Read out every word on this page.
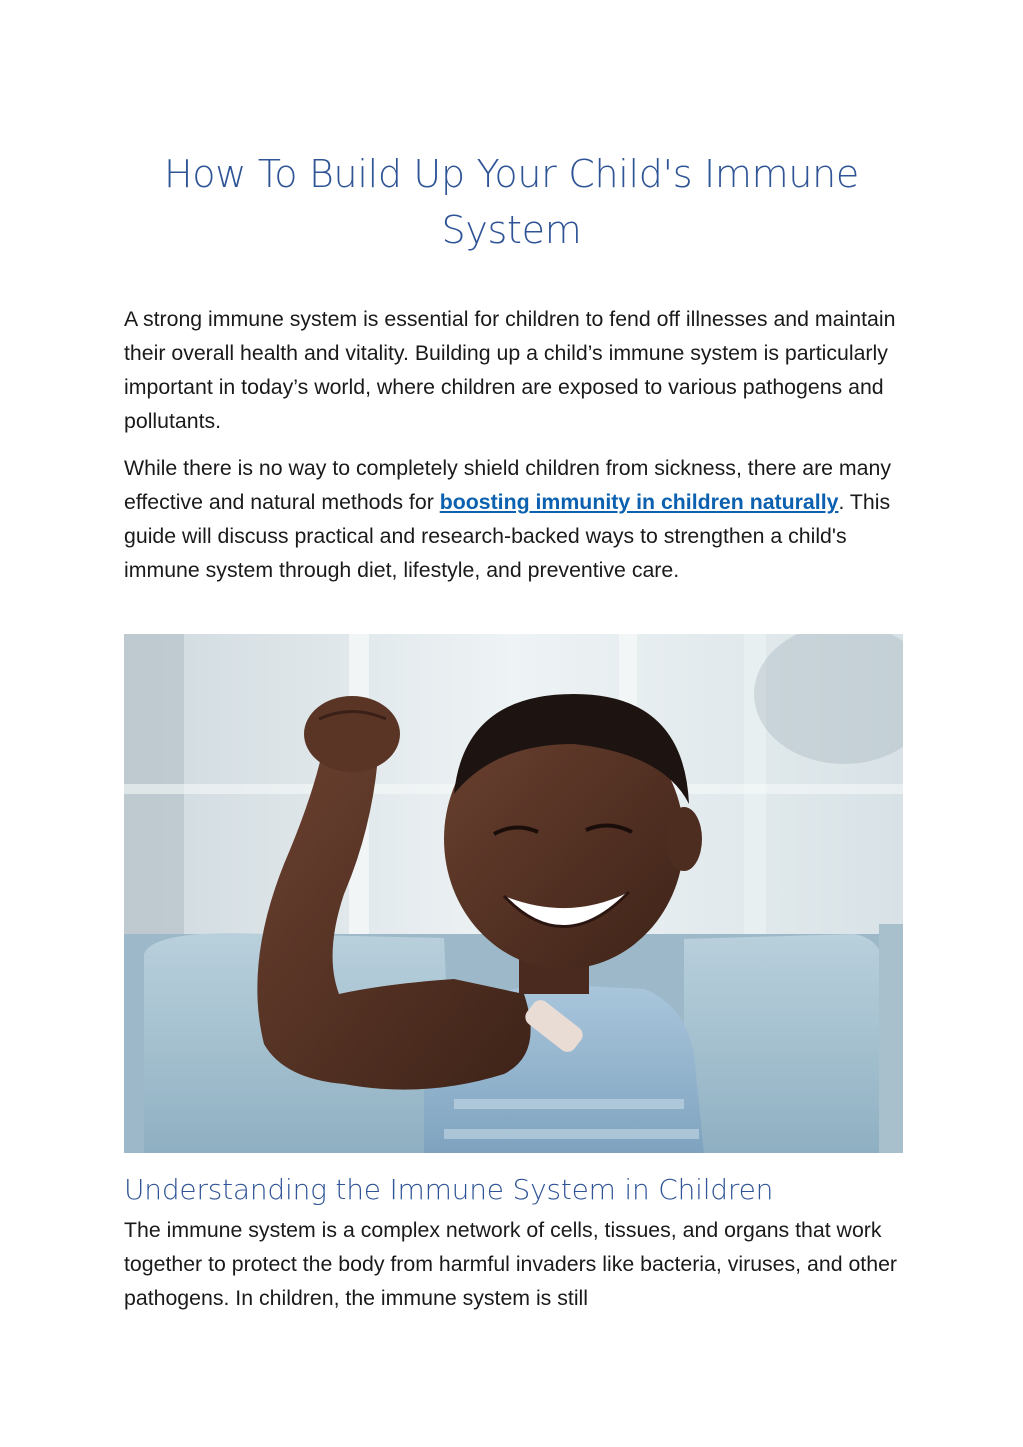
How To Build Up Your Child's Immune System

A strong immune system is essential for children to fend off illnesses and maintain their overall health and vitality. Building up a child’s immune system is particularly important in today’s world, where children are exposed to various pathogens and pollutants.

While there is no way to completely shield children from sickness, there are many effective and natural methods for boosting immunity in children naturally. This guide will discuss practical and research-backed ways to strengthen a child's immune system through diet, lifestyle, and preventive care.

Understanding the Immune System in Children

The immune system is a complex network of cells, tissues, and organs that work together to protect the body from harmful invaders like bacteria, viruses, and other pathogens. In children, the immune system is still
